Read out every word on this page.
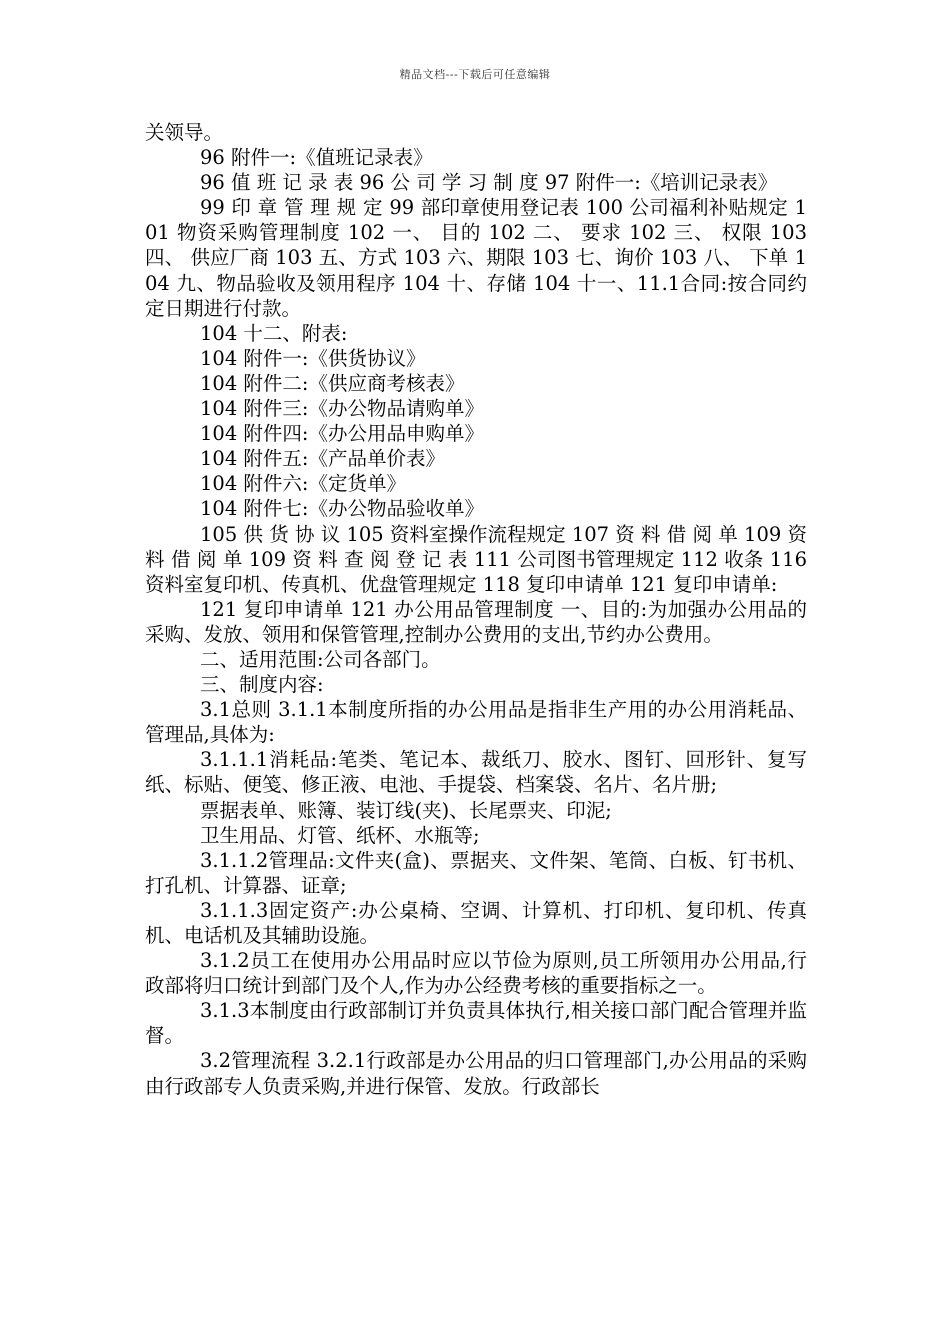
精品文档---下载后可任意编辑

关领导。

96 附件一:《值班记录表》

96 值 班 记 录 表 96 公 司 学 习 制 度 97 附件一:《培训记录表》

99 印 章 管 理 规 定 99 部印章使用登记表 100 公司福利补贴规定 101 物资采购管理制度 102 一、 目的 102 二、 要求 102 三、 权限 103 四、 供应厂商 103 五、方式 103 六、期限 103 七、询价 103 八、 下单 104 九、物品验收及领用程序 104 十、存储 104 十一、11.1合同:按合同约定日期进行付款。

104 十二、附表:

104 附件一:《供货协议》

104 附件二:《供应商考核表》

104 附件三:《办公物品请购单》

104 附件四:《办公用品申购单》

104 附件五:《产品单价表》

104 附件六:《定货单》

104 附件七:《办公物品验收单》

105 供 货 协 议 105 资料室操作流程规定 107 资 料 借 阅 单 109 资 料 借 阅 单 109 资 料 查 阅 登 记 表 111 公司图书管理规定 112 收条 116 资料室复印机、传真机、优盘管理规定 118 复印申请单 121 复印申请单:

121 复印申请单 121 办公用品管理制度 一、目的:为加强办公用品的采购、发放、领用和保管管理,控制办公费用的支出,节约办公费用。

二、适用范围:公司各部门。

三、制度内容:

3.1总则 3.1.1本制度所指的办公用品是指非生产用的办公用消耗品、管理品,具体为:

3.1.1.1消耗品:笔类、笔记本、裁纸刀、胶水、图钉、回形针、复写纸、标贴、便笺、修正液、电池、手提袋、档案袋、名片、名片册;

票据表单、账簿、装订线(夹)、长尾票夹、印泥;

卫生用品、灯管、纸杯、水瓶等;

3.1.1.2管理品:文件夹(盒)、票据夹、文件架、笔筒、白板、钉书机、打孔机、计算器、证章;

3.1.1.3固定资产:办公桌椅、空调、计算机、打印机、复印机、传真机、电话机及其辅助设施。

3.1.2员工在使用办公用品时应以节俭为原则,员工所领用办公用品,行政部将归口统计到部门及个人,作为办公经费考核的重要指标之一。

3.1.3本制度由行政部制订并负责具体执行,相关接口部门配合管理并监督。

3.2管理流程 3.2.1行政部是办公用品的归口管理部门,办公用品的采购由行政部专人负责采购,并进行保管、发放。行政部长
